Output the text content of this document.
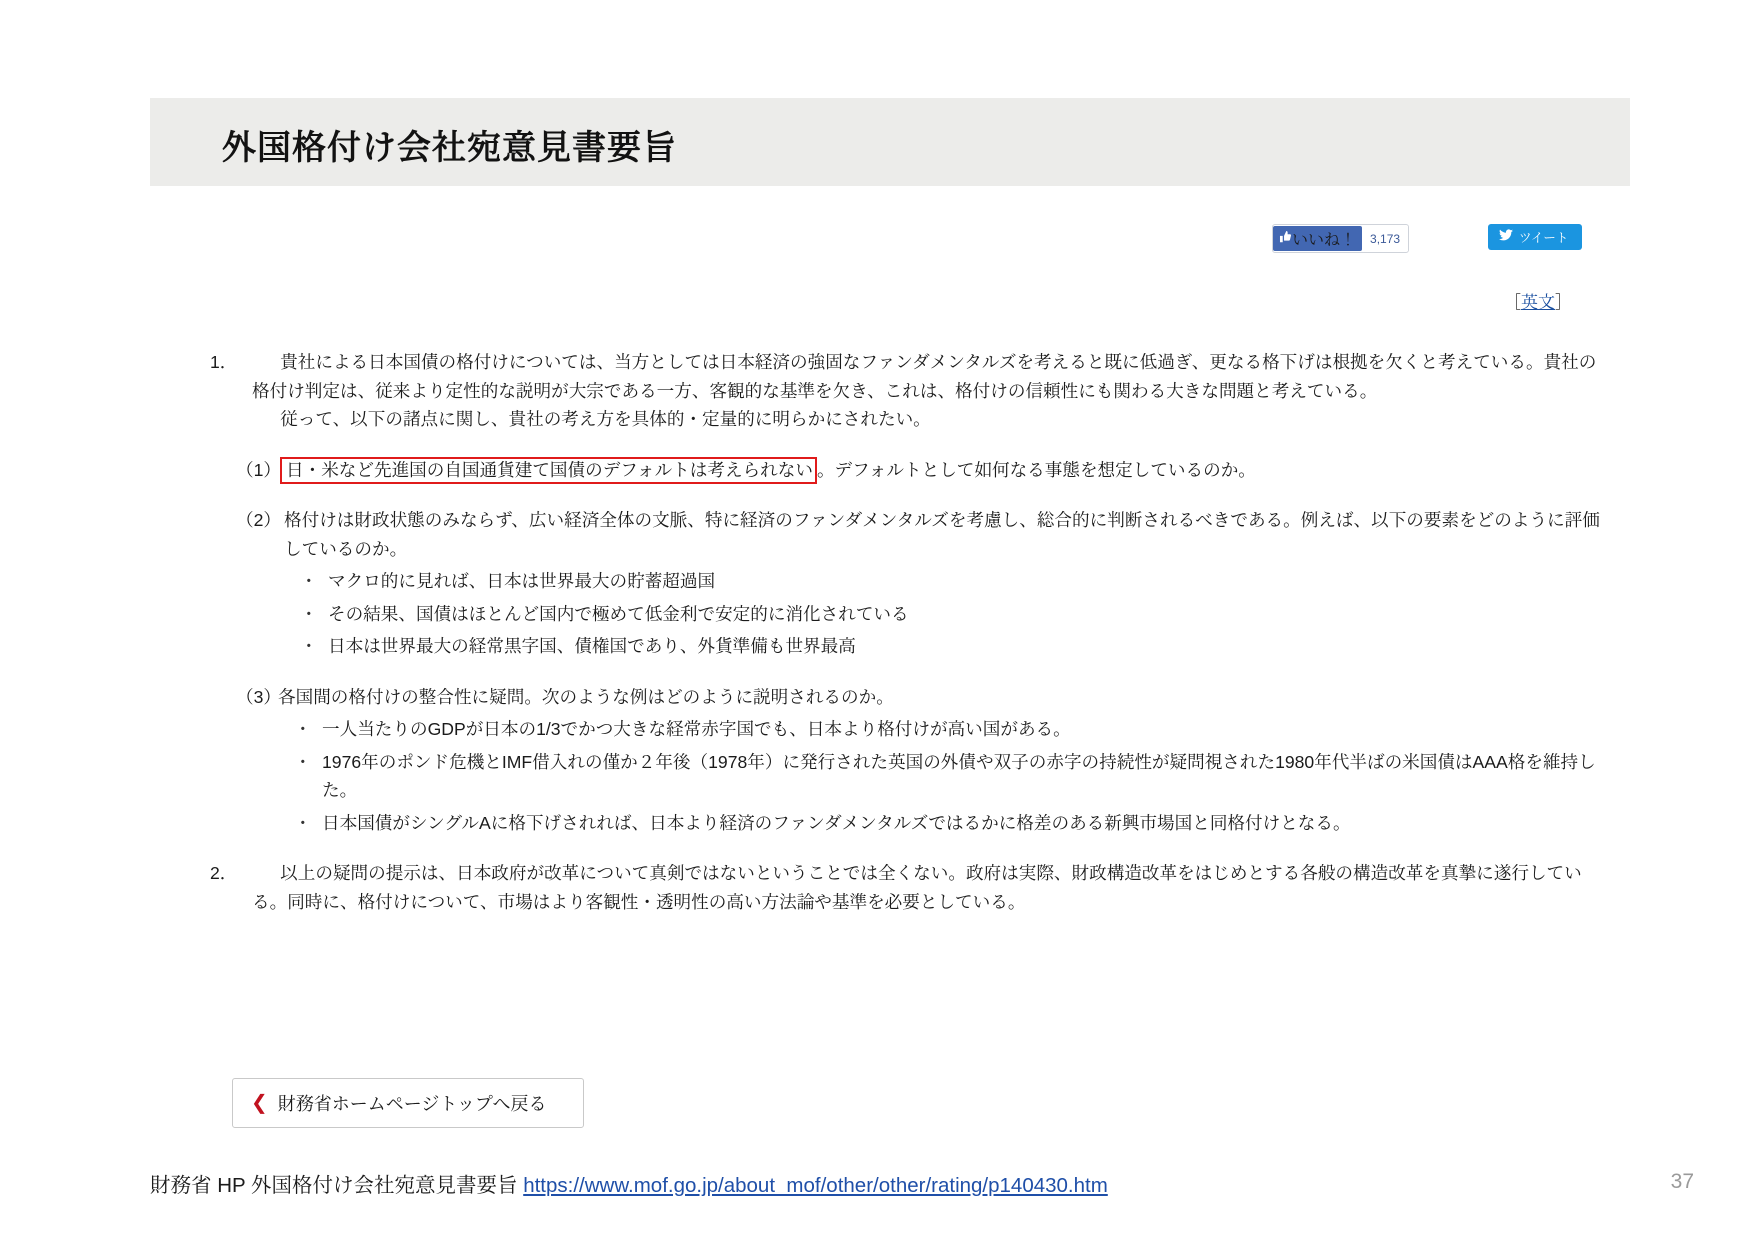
外国格付け会社宛意見書要旨
いいね！	3,173	ツイート
［英文］
1．	貴社による日本国債の格付けについては、当方としては日本経済の強固なファンダメンタルズを考えると既に低過ぎ、更なる格下げは根拠を欠くと考えている。貴社の格付け判定は、従来より定性的な説明が大宗である一方、客観的な基準を欠き、これは、格付けの信頼性にも関わる大きな問題と考えている。
従って、以下の諸点に関し、貴社の考え方を具体的・定量的に明らかにされたい。
（1） 日・米など先進国の自国通貨建て国債のデフォルトは考えられない 。デフォルトとして如何なる事態を想定しているのか。
（2） 格付けは財政状態のみならず、広い経済全体の文脈、特に経済のファンダメンタルズを考慮し、総合的に判断されるべきである。例えば、以下の要素をどのように評価しているのか。
・ マクロ的に見れば、日本は世界最大の貯蓄超過国
・ その結果、国債はほとんど国内で極めて低金利で安定的に消化されている
・ 日本は世界最大の経常黒字国、債権国であり、外貨準備も世界最高
（3）
各国間の格付けの整合性に疑問。次のような例はどのように説明されるのか。
・ 一人当たりのGDPが日本の1/3でかつ大きな経常赤字国でも、日本より格付けが高い国がある。
・ 1976年のポンド危機とIMF借入れの僅か２年後（1978年）に発行された英国の外債や双子の赤字の持続性が疑問視された1980年代半ばの米国債はAAA格を維持した。
・ 日本国債がシングルAに格下げされれば、日本より経済のファンダメンタルズではるかに格差のある新興市場国と同格付けとなる。
2．	以上の疑問の提示は、日本政府が改革について真剣ではないということでは全くない。政府は実際、財政構造改革をはじめとする各般の構造改革を真摯に遂行している。同時に、格付けについて、市場はより客観性・透明性の高い方法論や基準を必要としている。
❮ 財務省ホームページトップへ戻る
財務省 HP 外国格付け会社宛意見書要旨 https://www.mof.go.jp/about_mof/other/other/rating/p140430.htm	37
